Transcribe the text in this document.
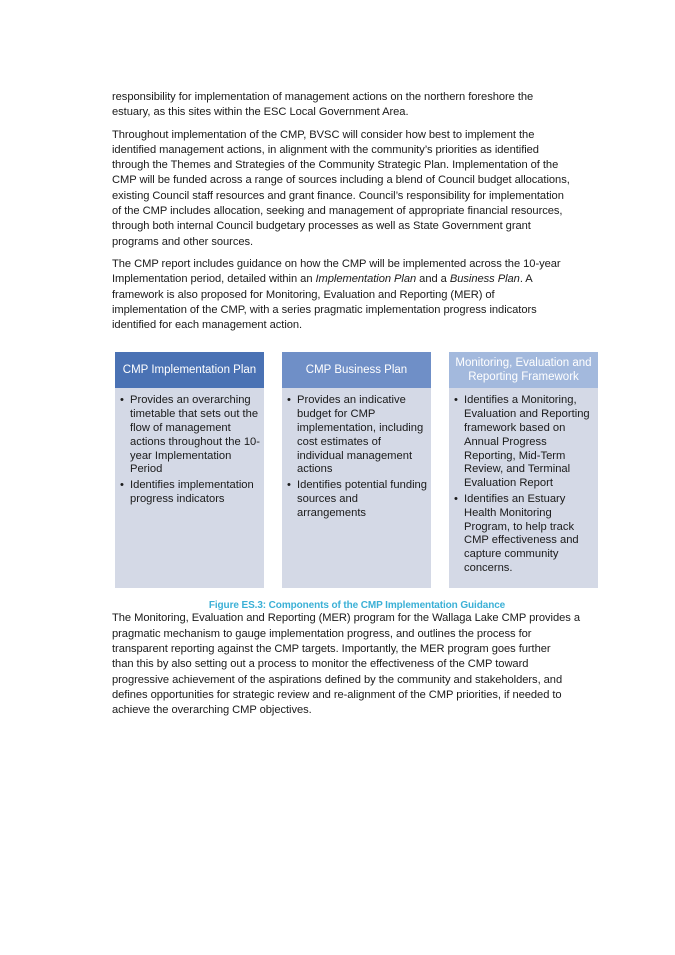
responsibility for implementation of management actions on the northern foreshore the
estuary, as this sites within the ESC Local Government Area.

Throughout implementation of the CMP, BVSC will consider how best to implement the
identified management actions, in alignment with the community’s priorities as identified
through the Themes and Strategies of the Community Strategic Plan. Implementation of the
CMP will be funded across a range of sources including a blend of Council budget allocations,
existing Council staff resources and grant finance. Council’s responsibility for implementation
of the CMP includes allocation, seeking and management of appropriate financial resources,
through both internal Council budgetary processes as well as State Government grant
programs and other sources.

The CMP report includes guidance on how the CMP will be implemented across the 10-year
Implementation period, detailed within an Implementation Plan and a Business Plan. A
framework is also proposed for Monitoring, Evaluation and Reporting (MER) of
implementation of the CMP, with a series pragmatic implementation progress indicators
identified for each management action.

CMP Implementation Plan
• Provides an overarching timetable that sets out the flow of management actions throughout the 10-year Implementation Period
• Identifies implementation progress indicators
CMP Business Plan
• Provides an indicative budget for CMP implementation, including cost estimates of individual management actions
• Identifies potential funding sources and arrangements
Monitoring, Evaluation and Reporting Framework
• Identifies a Monitoring, Evaluation and Reporting framework based on Annual Progress Reporting, Mid-Term Review, and Terminal Evaluation Report
• Identifies an Estuary Health Monitoring Program, to help track CMP effectiveness and capture community concerns.
Figure ES.3: Components of the CMP Implementation Guidance

The Monitoring, Evaluation and Reporting (MER) program for the Wallaga Lake CMP provides a
pragmatic mechanism to gauge implementation progress, and outlines the process for
transparent reporting against the CMP targets. Importantly, the MER program goes further
than this by also setting out a process to monitor the effectiveness of the CMP toward
progressive achievement of the aspirations defined by the community and stakeholders, and
defines opportunities for strategic review and re-alignment of the CMP priorities, if needed to
achieve the overarching CMP objectives.
